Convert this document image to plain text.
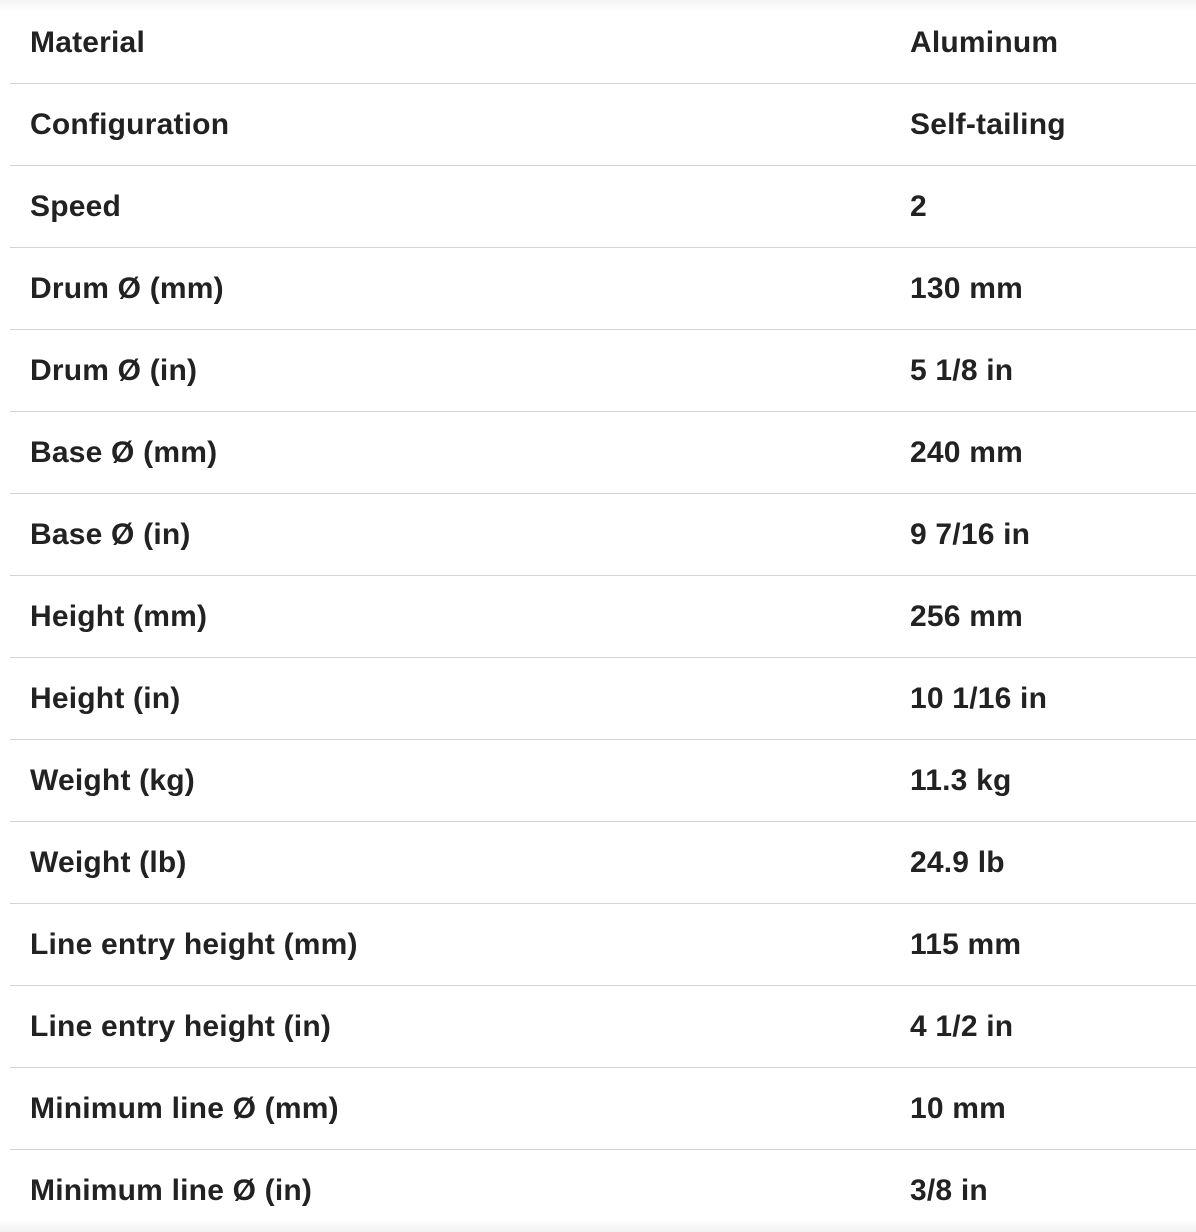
Material	Aluminum
Configuration	Self-tailing
Speed	2
Drum Ø (mm)	130 mm
Drum Ø (in)	5 1/8 in
Base Ø (mm)	240 mm
Base Ø (in)	9 7/16 in
Height (mm)	256 mm
Height (in)	10 1/16 in
Weight (kg)	11.3 kg
Weight (lb)	24.9 lb
Line entry height (mm)	115 mm
Line entry height (in)	4 1/2 in
Minimum line Ø (mm)	10 mm
Minimum line Ø (in)	3/8 in
